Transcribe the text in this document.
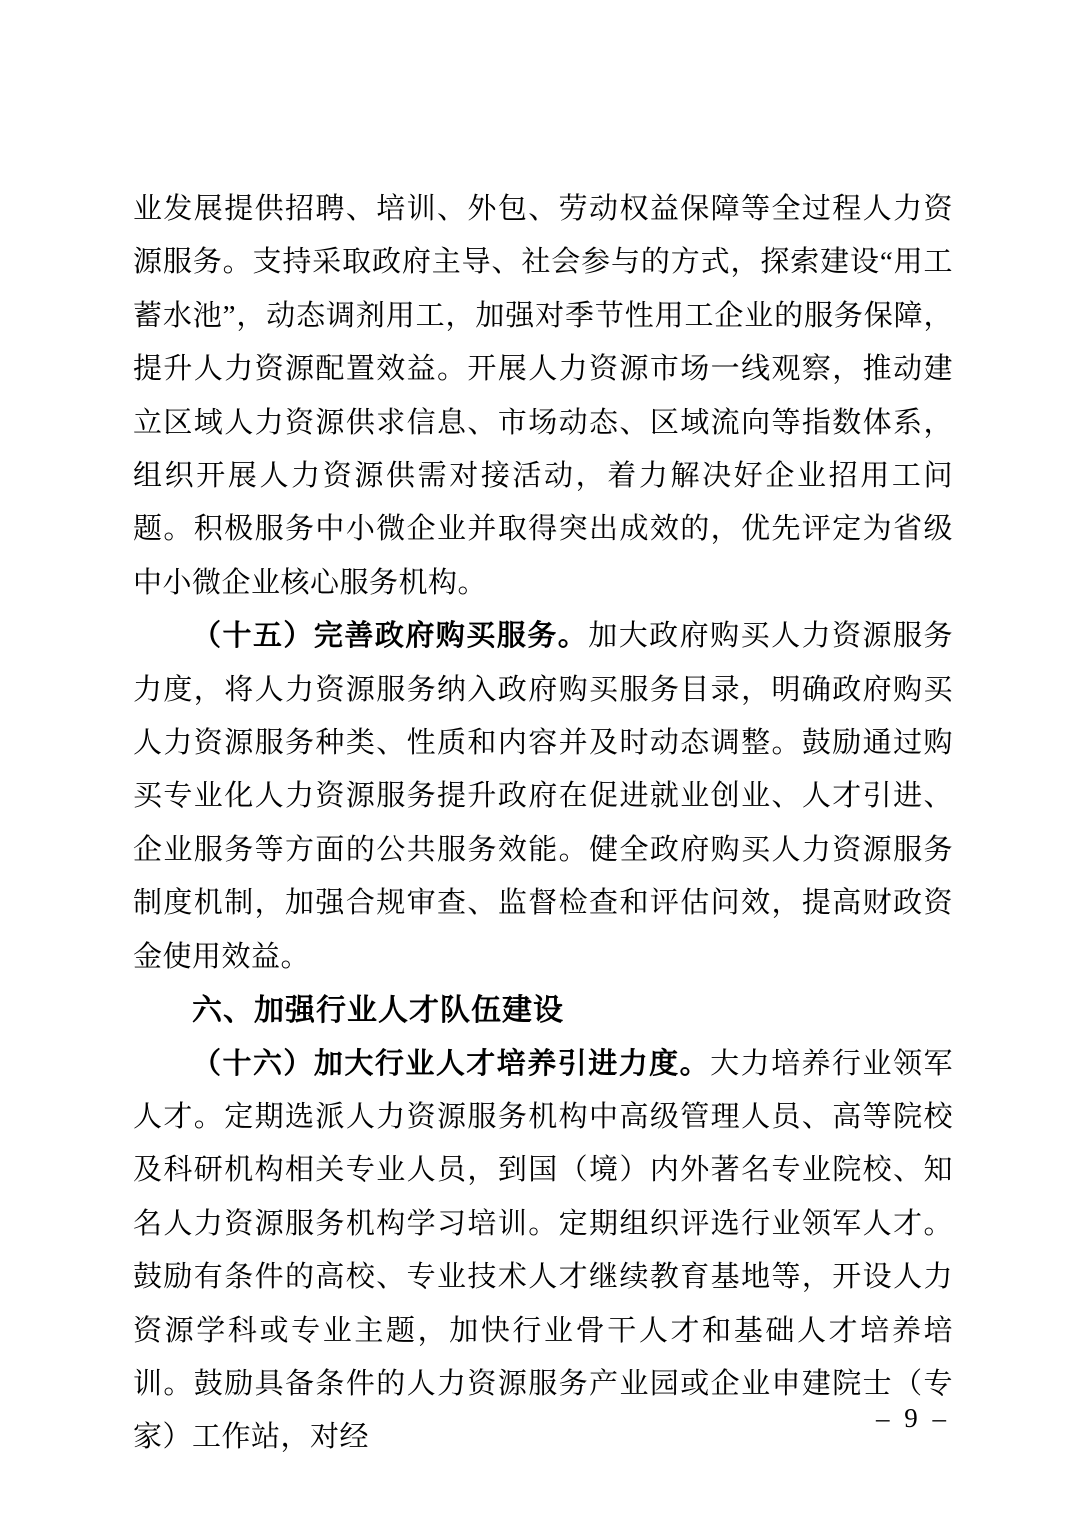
业发展提供招聘、培训、外包、劳动权益保障等全过程人力资源服务。支持采取政府主导、社会参与的方式，探索建设“用工蓄水池”，动态调剂用工，加强对季节性用工企业的服务保障，提升人力资源配置效益。开展人力资源市场一线观察，推动建立区域人力资源供求信息、市场动态、区域流向等指数体系，组织开展人力资源供需对接活动，着力解决好企业招用工问题。积极服务中小微企业并取得突出成效的，优先评定为省级中小微企业核心服务机构。

（十五）完善政府购买服务。加大政府购买人力资源服务力度，将人力资源服务纳入政府购买服务目录，明确政府购买人力资源服务种类、性质和内容并及时动态调整。鼓励通过购买专业化人力资源服务提升政府在促进就业创业、人才引进、企业服务等方面的公共服务效能。健全政府购买人力资源服务制度机制，加强合规审查、监督检查和评估问效，提高财政资金使用效益。

六、加强行业人才队伍建设

（十六）加大行业人才培养引进力度。大力培养行业领军人才。定期选派人力资源服务机构中高级管理人员、高等院校及科研机构相关专业人员，到国（境）内外著名专业院校、知名人力资源服务机构学习培训。定期组织评选行业领军人才。鼓励有条件的高校、专业技术人才继续教育基地等，开设人力资源学科或专业主题，加快行业骨干人才和基础人才培养培训。鼓励具备条件的人力资源服务产业园或企业申建院士（专家）工作站，对经

– 9 –
